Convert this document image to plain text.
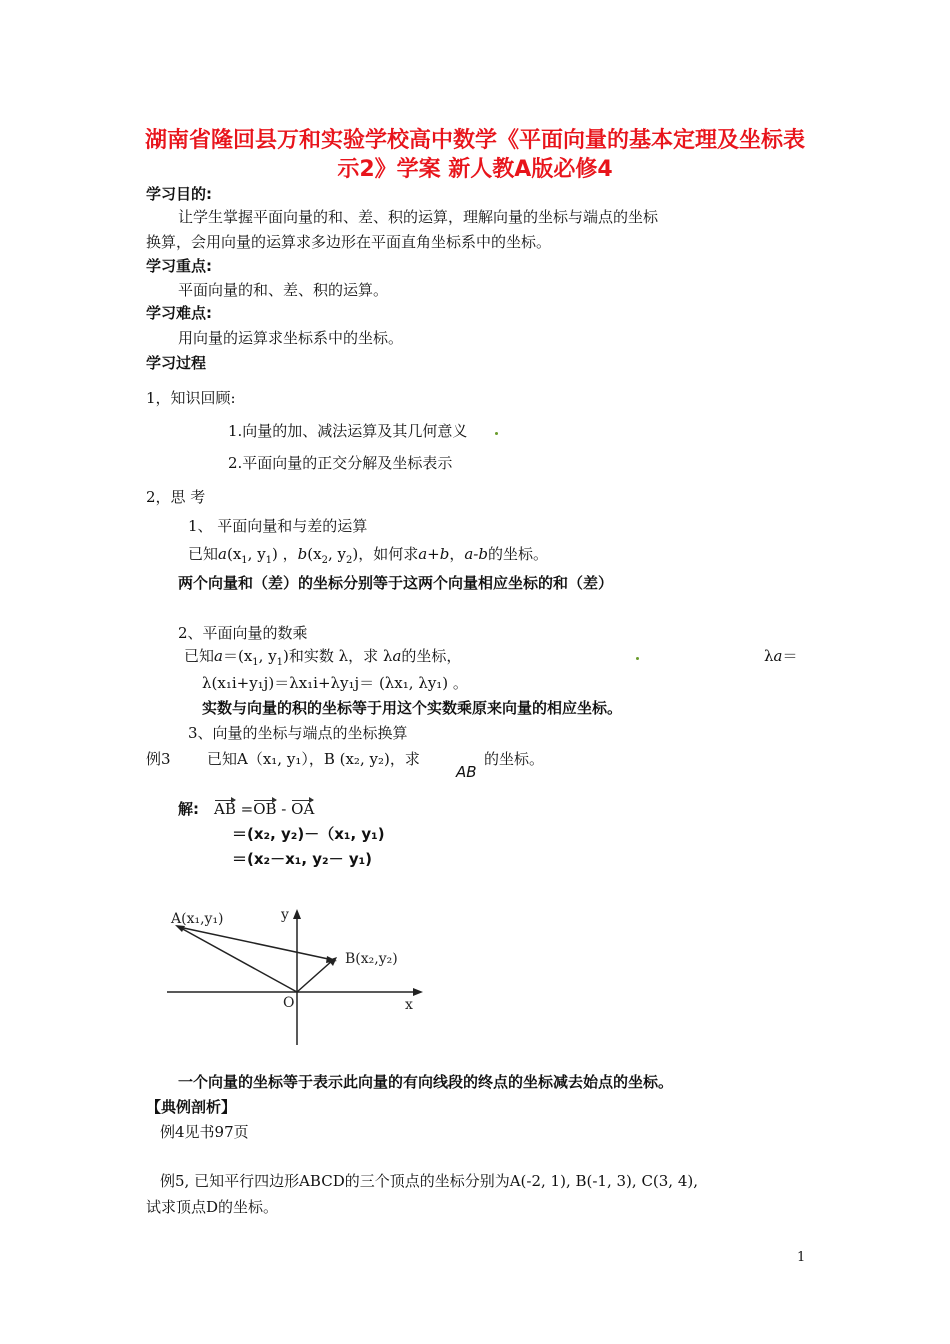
湖南省隆回县万和实验学校高中数学《平面向量的基本定理及坐标表
示2》学案 新人教A版必修4
学习目的:
让学生掌握平面向量的和、差、积的运算，理解向量的坐标与端点的坐标
换算，会用向量的运算求多边形在平面直角坐标系中的坐标。
学习重点:
平面向量的和、差、积的运算。
学习难点:
用向量的运算求坐标系中的坐标。
学习过程
1，知识回顾:
1.向量的加、减法运算及其几何意义
2.平面向量的正交分解及坐标表示
2，思 考
1、 平面向量和与差的运算
已知$a(x_1$, $y_1$) ，$b(x_2$, $y_2$)，如何求a+b，a-b的坐标。
两个向量和（差）的坐标分别等于这两个向量相应坐标的和（差）
2、平面向量的数乘
已知$a=(x_1$, $y_1$)和实数 λ，求 λa的坐标，	λa＝
λ(x₁i+y₁j)＝λx₁i+λy₁j＝ (λx₁, λy₁) 。
实数与向量的积的坐标等于用这个实数乘原来向量的相应坐标。
3、向量的坐标与端点的坐标换算
例3 已知A（x₁, y₁），B (x₂, y₂)，求
AB
的坐标。
解: AB =OB - OA
＝(x₂, y₂)－（x₁, y₁)
＝(x₂－x₁, y₂－ y₁)
A(x₁,y₁)
B(x₂,y₂)
y
x
O
一个向量的坐标等于表示此向量的有向线段的终点的坐标减去始点的坐标。
【典例剖析】
例4见书97页
例5, 已知平行四边形ABCD的三个顶点的坐标分别为A(-2, 1), B(-1, 3), C(3, 4),
试求顶点D的坐标。
1
